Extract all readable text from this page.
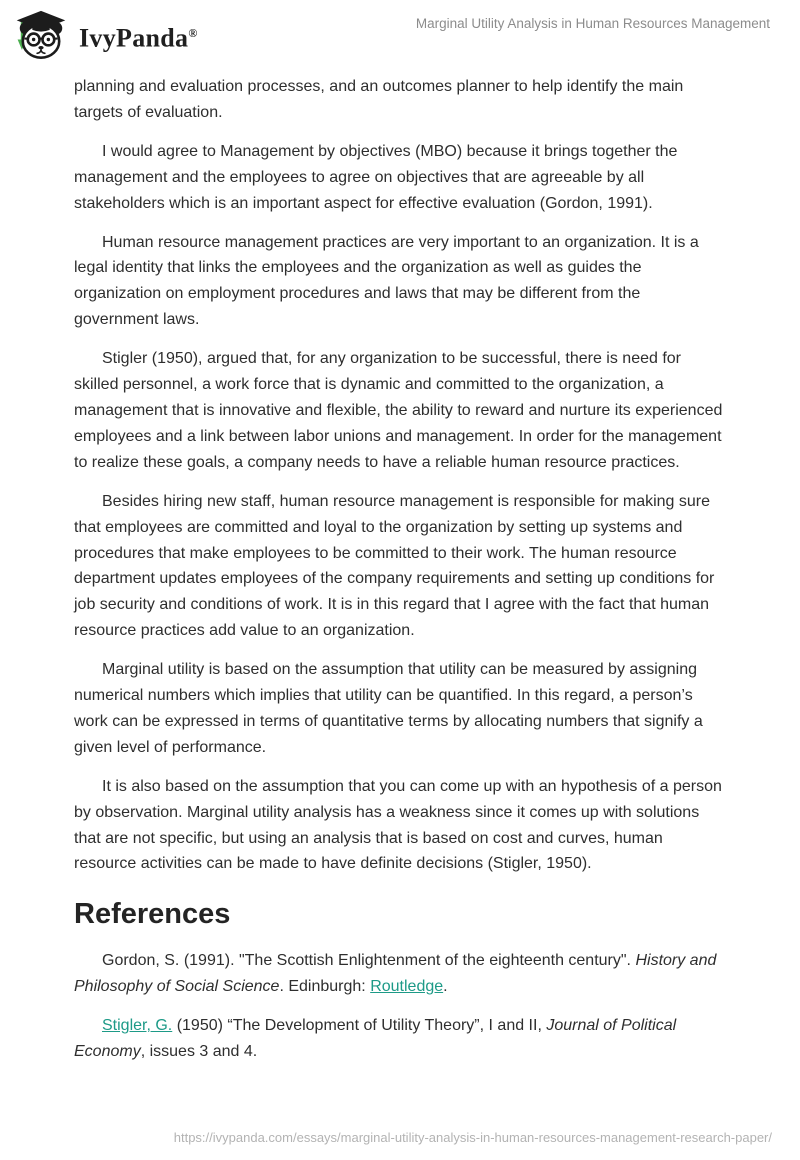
IvyPanda®
Marginal Utility Analysis in Human Resources Management

planning and evaluation processes, and an outcomes planner to help identify the main targets of evaluation.

I would agree to Management by objectives (MBO) because it brings together the management and the employees to agree on objectives that are agreeable by all stakeholders which is an important aspect for effective evaluation (Gordon, 1991).

Human resource management practices are very important to an organization. It is a legal identity that links the employees and the organization as well as guides the organization on employment procedures and laws that may be different from the government laws.

Stigler (1950), argued that, for any organization to be successful, there is need for skilled personnel, a work force that is dynamic and committed to the organization, a management that is innovative and flexible, the ability to reward and nurture its experienced employees and a link between labor unions and management. In order for the management to realize these goals, a company needs to have a reliable human resource practices.

Besides hiring new staff, human resource management is responsible for making sure that employees are committed and loyal to the organization by setting up systems and procedures that make employees to be committed to their work. The human resource department updates employees of the company requirements and setting up conditions for job security and conditions of work. It is in this regard that I agree with the fact that human resource practices add value to an organization.

Marginal utility is based on the assumption that utility can be measured by assigning numerical numbers which implies that utility can be quantified. In this regard, a person’s work can be expressed in terms of quantitative terms by allocating numbers that signify a given level of performance.

It is also based on the assumption that you can come up with an hypothesis of a person by observation. Marginal utility analysis has a weakness since it comes up with solutions that are not specific, but using an analysis that is based on cost and curves, human resource activities can be made to have definite decisions (Stigler, 1950).

References

Gordon, S. (1991). "The Scottish Enlightenment of the eighteenth century". History and Philosophy of Social Science. Edinburgh: Routledge.

Stigler, G. (1950) “The Development of Utility Theory”, I and II, Journal of Political Economy, issues 3 and 4.

https://ivypanda.com/essays/marginal-utility-analysis-in-human-resources-management-research-paper/
